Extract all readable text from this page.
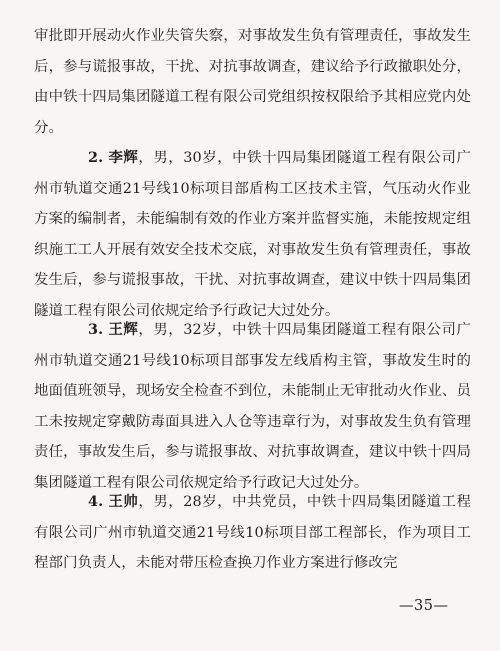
审批即开展动火作业失管失察，对事故发生负有管理责任，事故发生后，参与谎报事故，干扰、对抗事故调查，建议给予行政撤职处分，由中铁十四局集团隧道工程有限公司党组织按权限给予其相应党内处分。

2. 李辉，男，30岁，中铁十四局集团隧道工程有限公司广州市轨道交通21号线10标项目部盾构工区技术主管，气压动火作业方案的编制者，未能编制有效的作业方案并监督实施，未能按规定组织施工工人开展有效安全技术交底，对事故发生负有管理责任，事故发生后，参与谎报事故，干扰、对抗事故调查，建议中铁十四局集团隧道工程有限公司依规定给予行政记大过处分。

3. 王辉，男，32岁，中铁十四局集团隧道工程有限公司广州市轨道交通21号线10标项目部事发左线盾构主管，事故发生时的地面值班领导，现场安全检查不到位，未能制止无审批动火作业、员工未按规定穿戴防毒面具进入人仓等违章行为，对事故发生负有管理责任，事故发生后，参与谎报事故、对抗事故调查，建议中铁十四局集团隧道工程有限公司依规定给予行政记大过处分。

4. 王帅，男，28岁，中共党员，中铁十四局集团隧道工程有限公司广州市轨道交通21号线10标项目部工程部长，作为项目工程部门负责人，未能对带压检查换刀作业方案进行修改完

—35—
